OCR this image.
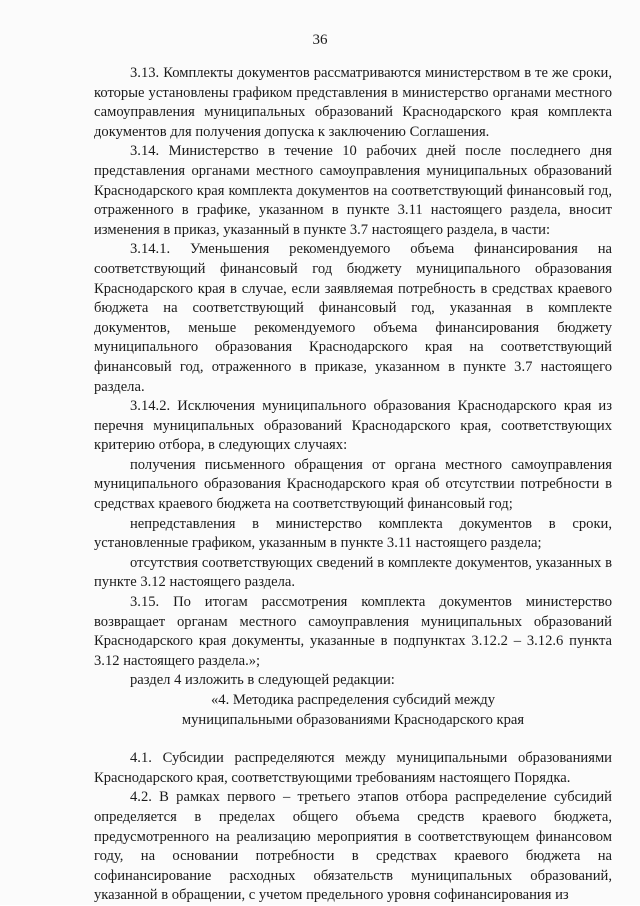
36

3.13. Комплекты документов рассматриваются министерством в те же сроки, которые установлены графиком представления в министерство органами местного самоуправления муниципальных образований Краснодарского края комплекта документов для получения допуска к заключению Соглашения.

3.14. Министерство в течение 10 рабочих дней после последнего дня представления органами местного самоуправления муниципальных образований Краснодарского края комплекта документов на соответствующий финансовый год, отраженного в графике, указанном в пункте 3.11 настоящего раздела, вносит изменения в приказ, указанный в пункте 3.7 настоящего раздела, в части:

3.14.1. Уменьшения рекомендуемого объема финансирования на соответствующий финансовый год бюджету муниципального образования Краснодарского края в случае, если заявляемая потребность в средствах краевого бюджета на соответствующий финансовый год, указанная в комплекте документов, меньше рекомендуемого объема финансирования бюджету муниципального образования Краснодарского края на соответствующий финансовый год, отраженного в приказе, указанном в пункте 3.7 настоящего раздела.

3.14.2. Исключения муниципального образования Краснодарского края из перечня муниципальных образований Краснодарского края, соответствующих критерию отбора, в следующих случаях:

получения письменного обращения от органа местного самоуправления муниципального образования Краснодарского края об отсутствии потребности в средствах краевого бюджета на соответствующий финансовый год;

непредставления в министерство комплекта документов в сроки, установленные графиком, указанным в пункте 3.11 настоящего раздела;

отсутствия соответствующих сведений в комплекте документов, указанных в пункте 3.12 настоящего раздела.

3.15. По итогам рассмотрения комплекта документов министерство возвращает органам местного самоуправления муниципальных образований Краснодарского края документы, указанные в подпунктах 3.12.2 – 3.12.6 пункта 3.12 настоящего раздела.»;

раздел 4 изложить в следующей редакции:

«4. Методика распределения субсидий между

муниципальными образованиями Краснодарского края

4.1. Субсидии распределяются между муниципальными образованиями Краснодарского края, соответствующими требованиям настоящего Порядка.

4.2. В рамках первого – третьего этапов отбора распределение субсидий определяется в пределах общего объема средств краевого бюджета, предусмотренного на реализацию мероприятия в соответствующем финансовом году, на основании потребности в средствах краевого бюджета на софинансирование расходных обязательств муниципальных образований, указанной в обращении, с учетом предельного уровня софинансирования из
